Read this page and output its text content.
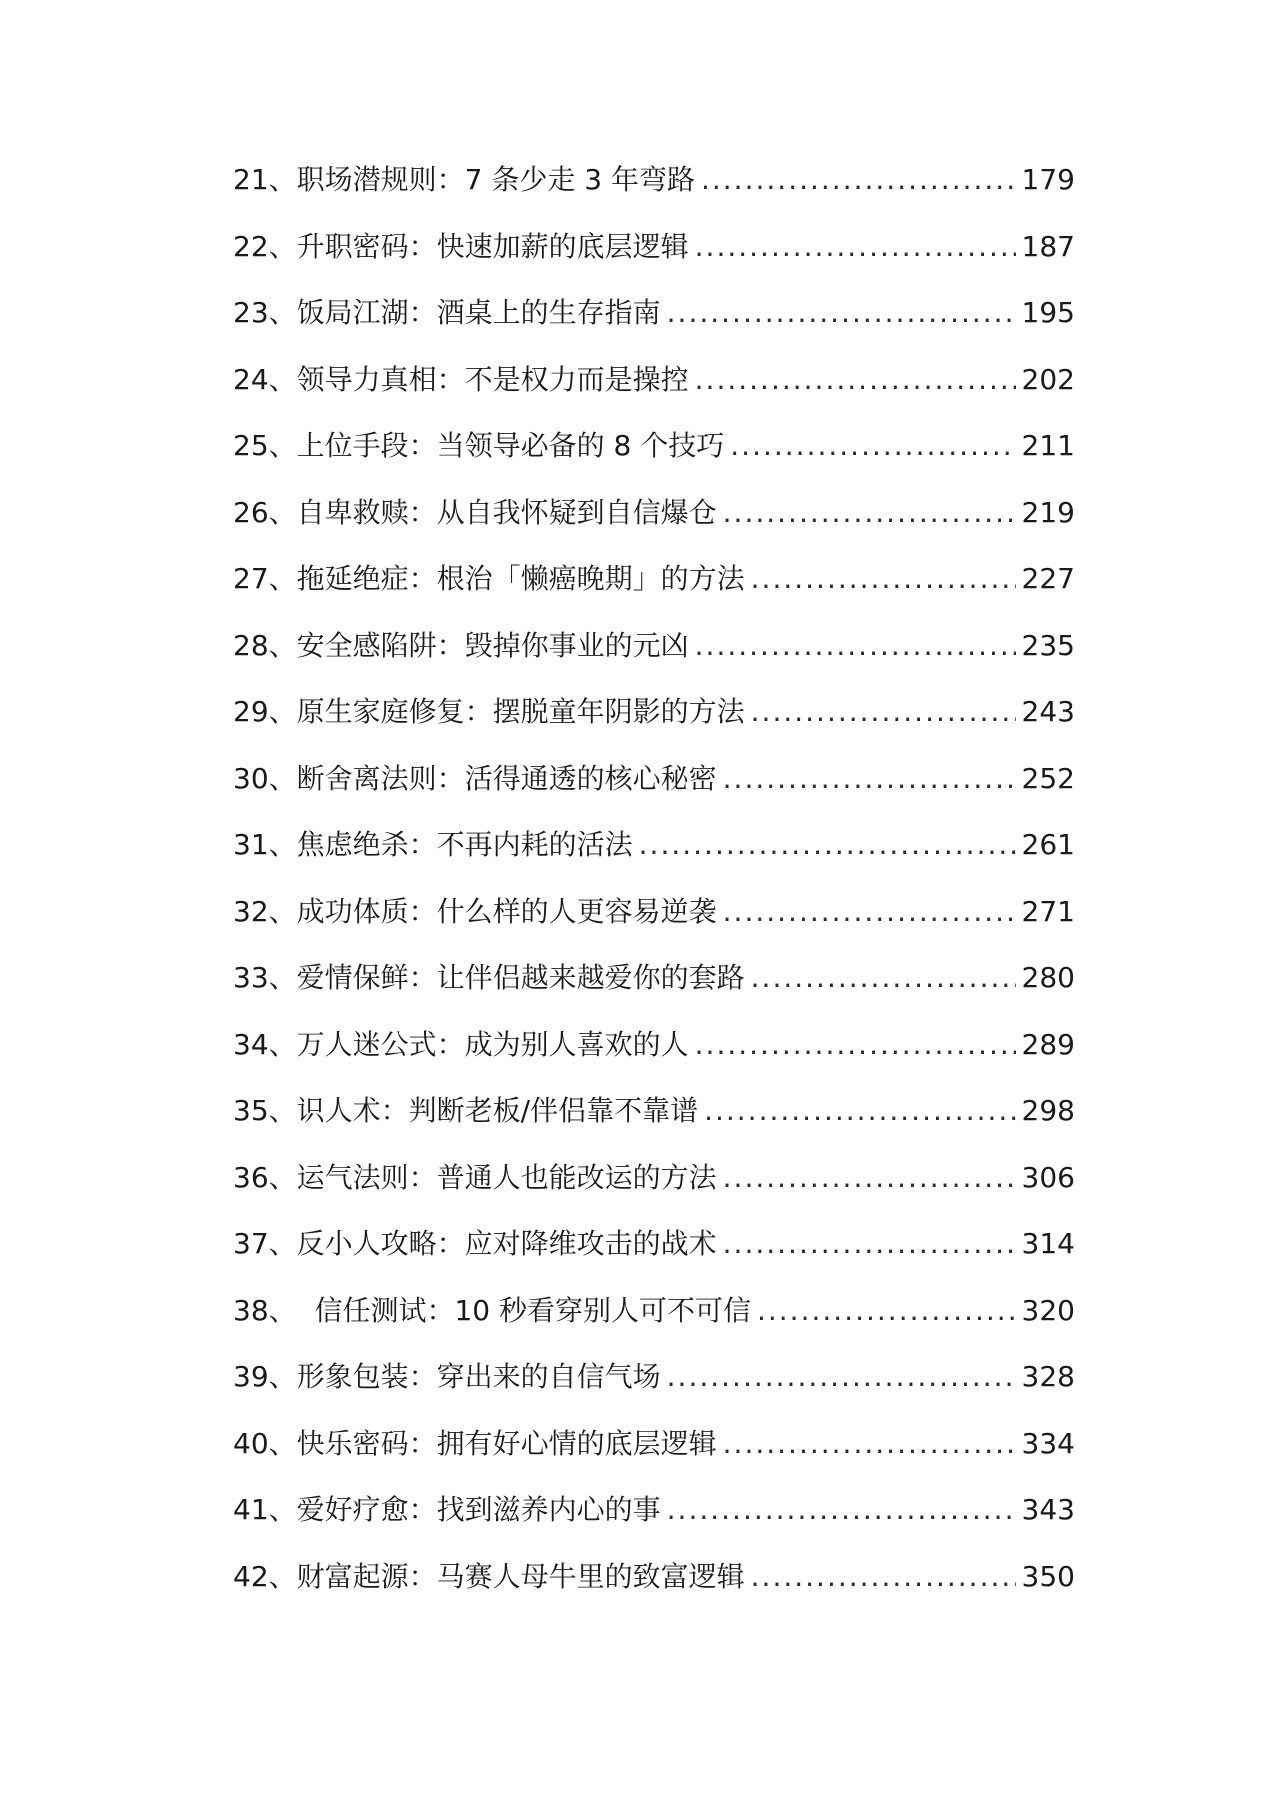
21、 职场潜规则：7 条少走 3 年弯路 .....	179
22、 升职密码：快速加薪的底层逻辑 .....	187
23、 饭局江湖：酒桌上的生存指南 .....	195
24、 领导力真相：不是权力而是操控 .....	202
25、 上位手段：当领导必备的 8 个技巧 .....	211
26、 自卑救赎：从自我怀疑到自信爆仓 .....	219
27、 拖延绝症：根治「懒癌晚期」的方法 .....	227
28、 安全感陷阱：毁掉你事业的元凶 .....	235
29、 原生家庭修复：摆脱童年阴影的方法 .....	243
30、 断舍离法则：活得通透的核心秘密 .....	252
31、 焦虑绝杀：不再内耗的活法 .....	261
32、 成功体质：什么样的人更容易逆袭 .....	271
33、 爱情保鲜：让伴侣越来越爱你的套路 .....	280
34、 万人迷公式：成为别人喜欢的人 .....	289
35、 识人术：判断老板/伴侣靠不靠谱 .....	298
36、 运气法则：普通人也能改运的方法 .....	306
37、 反小人攻略：应对降维攻击的战术 .....	314
38、 信任测试：10 秒看穿别人可不可信 .....	320
39、 形象包装：穿出来的自信气场 .....	328
40、 快乐密码：拥有好心情的底层逻辑 .....	334
41、 爱好疗愈：找到滋养内心的事 .....	343
42、 财富起源：马赛人母牛里的致富逻辑 .....	350
